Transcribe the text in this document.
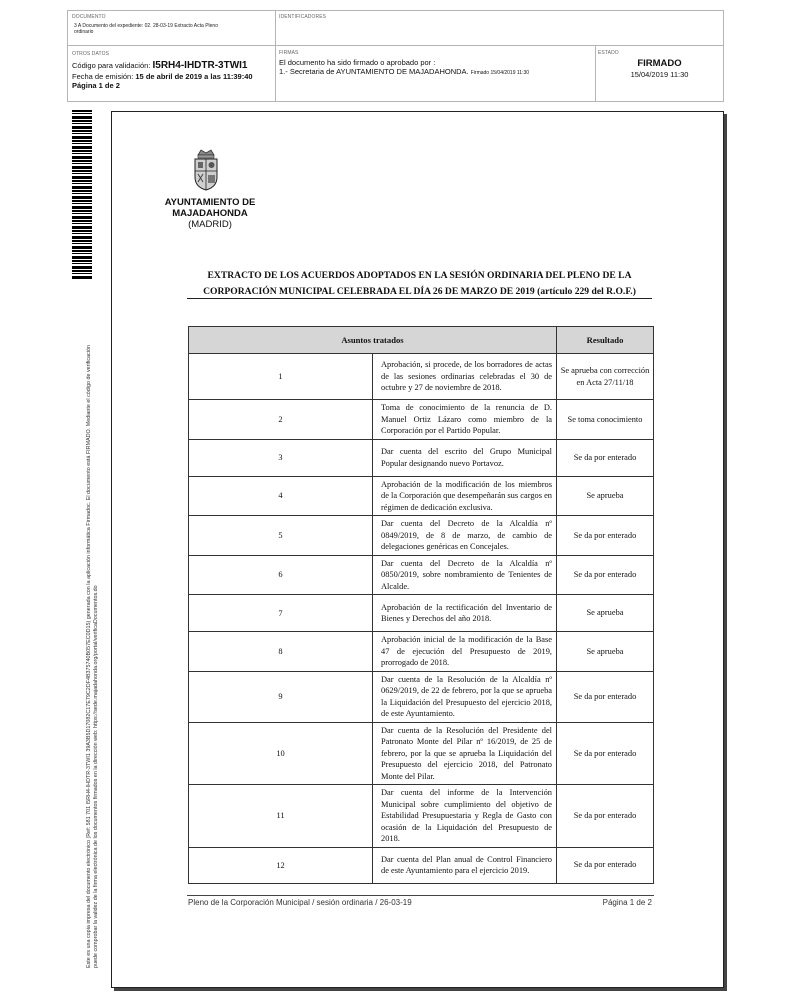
DOCUMENTO
3 A Documento del expediente: 02. 28-03-19 Extracto Acta Pleno ordinario
IDENTIFICADORES
OTROS DATOS
Código para validación: I5RH4-IHDTR-3TWI1
Fecha de emisión: 15 de abril de 2019 a las 11:39:40
Página 1 de 2
FIRMAS
El documento ha sido firmado o aprobado por :
1.- Secretaria de AYUNTAMIENTO DE MAJADAHONDA. Firmado 15/04/2019 11:30
ESTADO
FIRMADO
15/04/2019 11:30
Este es una copia impresa del documento electrónico (Ref: 581 701 I5RH4-IHDTR-3TWI1 39A3B5D17082C17E79C2DF4B375740B057EC0D15) generada con la aplicación informática Firmadoc. El documento está FIRMADO. Mediante el código de verificación puede comprobar la validez de la firma electrónica de los documentos firmados en la dirección web: https://sede.majadahonda.org/portal/verificaDocumentos.do
AYUNTAMIENTO DE
MAJADAHONDA
(MADRID)
EXTRACTO DE LOS ACUERDOS ADOPTADOS EN LA SESIÓN ORDINARIA DEL PLENO DE LA
CORPORACIÓN MUNICIPAL CELEBRADA EL DÍA 26 DE MARZO DE 2019 (artículo 229 del R.O.F.)
Asuntos tratados		Resultado
1	Aprobación, si procede, de los borradores de actas de las sesiones ordinarias celebradas el 30 de octubre y 27 de noviembre de 2018.	Se aprueba con corrección en Acta 27/11/18
2	Toma de conocimiento de la renuncia de D. Manuel Ortiz Lázaro como miembro de la Corporación por el Partido Popular.	Se toma conocimiento
3	Dar cuenta del escrito del Grupo Municipal Popular designando nuevo Portavoz.	Se da por enterado
4	Aprobación de la modificación de los miembros de la Corporación que desempeñarán sus cargos en régimen de dedicación exclusiva.	Se aprueba
5	Dar cuenta del Decreto de la Alcaldía nº 0849/2019, de 8 de marzo, de cambio de delegaciones genéricas en Concejales.	Se da por enterado
6	Dar cuenta del Decreto de la Alcaldía nº 0850/2019, sobre nombramiento de Tenientes de Alcalde.	Se da por enterado
7	Aprobación de la rectificación del Inventario de Bienes y Derechos del año 2018.	Se aprueba
8	Aprobación inicial de la modificación de la Base 47 de ejecución del Presupuesto de 2019, prorrogado de 2018.	Se aprueba
9	Dar cuenta de la Resolución de la Alcaldía nº 0629/2019, de 22 de febrero, por la que se aprueba la Liquidación del Presupuesto del ejercicio 2018, de este Ayuntamiento.	Se da por enterado
10	Dar cuenta de la Resolución del Presidente del Patronato Monte del Pilar nº 16/2019, de 25 de febrero, por la que se aprueba la Liquidación del Presupuesto del ejercicio 2018, del Patronato Monte del Pilar.	Se da por enterado
11	Dar cuenta del informe de la Intervención Municipal sobre cumplimiento del objetivo de Estabilidad Presupuestaria y Regla de Gasto con ocasión de la Liquidación del Presupuesto de 2018.	Se da por enterado
12	Dar cuenta del Plan anual de Control Financiero de este Ayuntamiento para el ejercicio 2019.	Se da por enterado
Pleno de la Corporación Municipal / sesión ordinaria / 26-03-19	Página 1 de 2
